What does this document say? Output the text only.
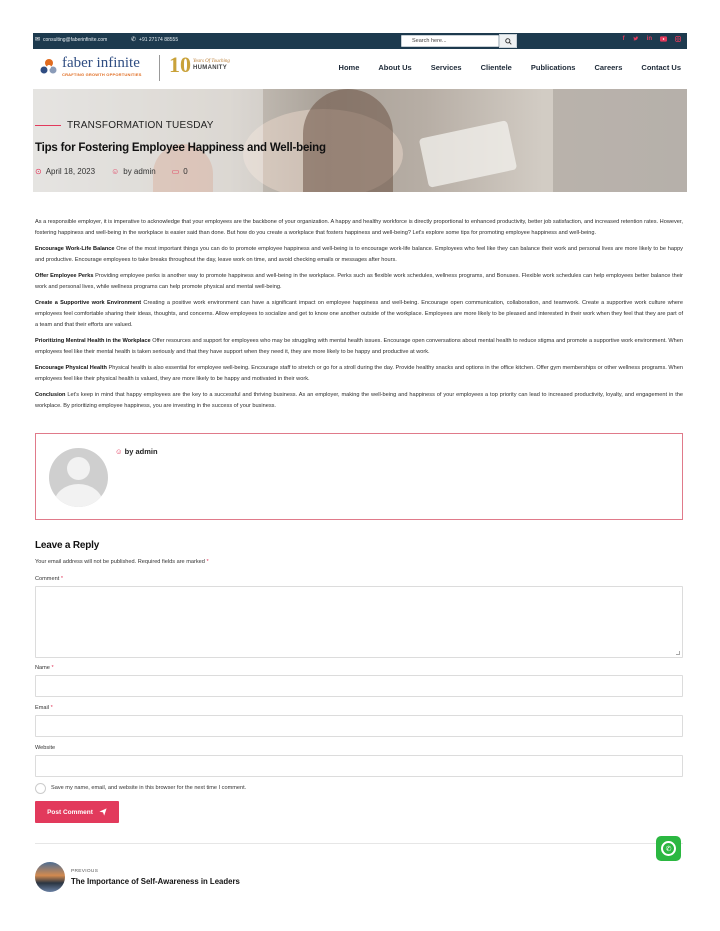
✉ consulting@faberinfinite.com	✆ +91 27174 88555	Search here...	f	in
faber infinite
CRAFTING GROWTH OPPORTUNITIES 10 Years Of Touching
HUMANITY	Home	About Us	Services	Clientele	Publications	Careers	Contact Us
TRANSFORMATION TUESDAY
Tips for Fostering Employee Happiness and Well-being
⊙ April 18, 2023 ☺ by admin ▭ 0

As a responsible employer, it is imperative to acknowledge that your employees are the backbone of your organization. A happy and healthy workforce is directly proportional to enhanced productivity, better job satisfaction, and increased retention rates. However, fostering happiness and well-being in the workplace is easier said than done. But how do you create a workplace that fosters happiness and well-being? Let's explore some tips for promoting employee happiness and well-being.

Encourage Work-Life Balance One of the most important things you can do to promote employee happiness and well-being is to encourage work-life balance. Employees who feel like they can balance their work and personal lives are more likely to be happy and productive. Encourage employees to take breaks throughout the day, leave work on time, and avoid checking emails or messages after hours.

Offer Employee Perks Providing employee perks is another way to promote happiness and well-being in the workplace. Perks such as flexible work schedules, wellness programs, and Bonuses. Flexible work schedules can help employees better balance their work and personal lives, while wellness programs can help promote physical and mental well-being.

Create a Supportive work Environment Creating a positive work environment can have a significant impact on employee happiness and well-being. Encourage open communication, collaboration, and teamwork. Create a supportive work culture where employees feel comfortable sharing their ideas, thoughts, and concerns. Allow employees to socialize and get to know one another outside of the workplace. Employees are more likely to be pleased and interested in their work when they feel that they are part of a team and that their efforts are valued.

Prioritizing Mentral Health in the Workplace Offer resources and support for employees who may be struggling with mental health issues. Encourage open conversations about mental health to reduce stigma and promote a supportive work environment. When employees feel like their mental health is taken seriously and that they have support when they need it, they are more likely to be happy and productive at work.

Encourage Physical Health Physical health is also essential for employee well-being. Encourage staff to stretch or go for a stroll during the day. Provide healthy snacks and options in the office kitchen. Offer gym memberships or other wellness programs. When employees feel like their physical health is valued, they are more likely to be happy and motivated in their work.

Conclusion Let's keep in mind that happy employees are the key to a successful and thriving business. As an employer, making the well-being and happiness of your employees a top priority can lead to increased productivity, loyalty, and engagement in the workplace. By prioritizing employee happiness, you are investing in the success of your business.

☺ by admin
Leave a Reply
Your email address will not be published. Required fields are marked *
Comment *
Name *
Email *
Website
Save my name, email, and website in this browser for the next time I comment.
Post Comment
✆
PREVIOUS
The Importance of Self-Awareness in Leaders
